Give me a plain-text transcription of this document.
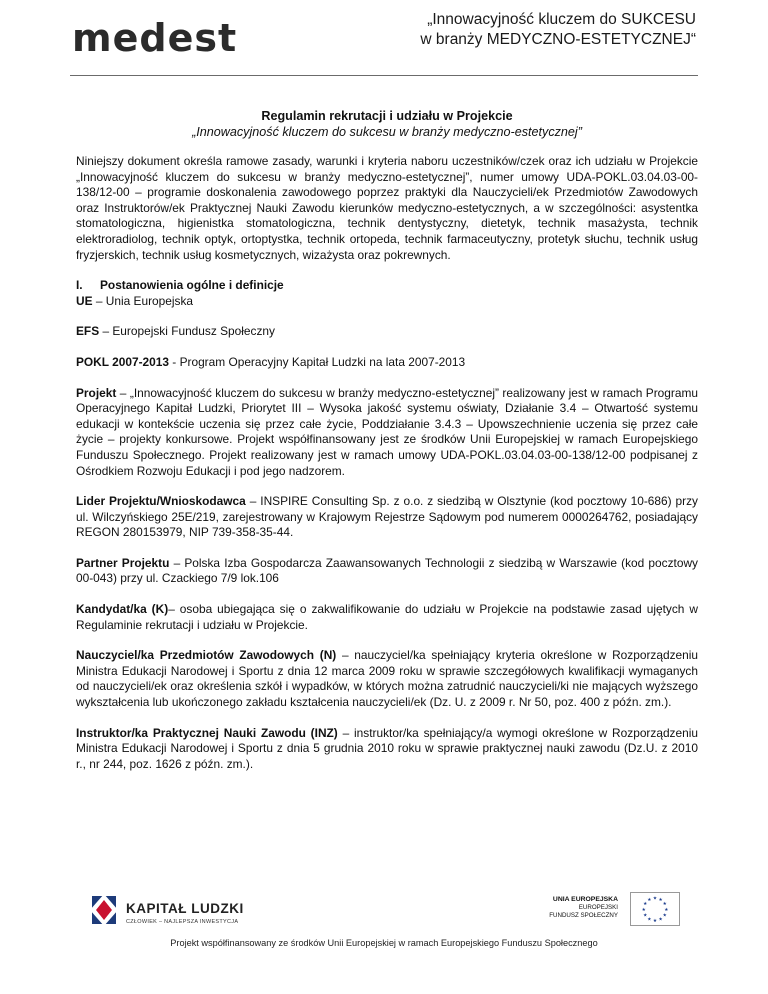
medest	„Innowacyjność kluczem do SUKCESU
w branży MEDYCZNO-ESTETYCZNEJ“

Regulamin rekrutacji i udziału w Projekcie

„Innowacyjność kluczem do sukcesu w branży medyczno-estetycznej”

Niniejszy dokument określa ramowe zasady, warunki i kryteria naboru uczestników/czek oraz ich udziału w Projekcie „Innowacyjność kluczem do sukcesu w branży medyczno-estetycznej”, numer umowy UDA-POKL.03.04.03-00-138/12-00 – programie doskonalenia zawodowego poprzez praktyki dla Nauczycieli/ek Przedmiotów Zawodowych oraz Instruktorów/ek Praktycznej Nauki Zawodu kierunków medyczno-estetycznych, a w szczególności: asystentka stomatologiczna, higienistka stomatologiczna, technik dentystyczny, dietetyk, technik masażysta, technik elektroradiolog, technik optyk, ortoptystka, technik ortopeda, technik farmaceutyczny, protetyk słuchu, technik usług fryzjerskich, technik usług kosmetycznych, wizażysta oraz pokrewnych.

I. Postanowienia ogólne i definicje

UE – Unia Europejska

EFS – Europejski Fundusz Społeczny

POKL 2007-2013 - Program Operacyjny Kapitał Ludzki na lata 2007-2013

Projekt – „Innowacyjność kluczem do sukcesu w branży medyczno-estetycznej” realizowany jest w ramach Programu Operacyjnego Kapitał Ludzki, Priorytet III – Wysoka jakość systemu oświaty, Działanie 3.4 – Otwartość systemu edukacji w kontekście uczenia się przez całe życie, Poddziałanie 3.4.3 – Upowszechnienie uczenia się przez całe życie – projekty konkursowe. Projekt współfinansowany jest ze środków Unii Europejskiej w ramach Europejskiego Funduszu Społecznego. Projekt realizowany jest w ramach umowy UDA-POKL.03.04.03-00-138/12-00 podpisanej z Ośrodkiem Rozwoju Edukacji i pod jego nadzorem.

Lider Projektu/Wnioskodawca – INSPIRE Consulting Sp. z o.o. z siedzibą w Olsztynie (kod pocztowy 10-686) przy ul. Wilczyńskiego 25E/219, zarejestrowany w Krajowym Rejestrze Sądowym pod numerem 0000264762, posiadający REGON 280153979, NIP 739-358-35-44.

Partner Projektu – Polska Izba Gospodarcza Zaawansowanych Technologii z siedzibą w Warszawie (kod pocztowy 00-043) przy ul. Czackiego 7/9 lok.106

Kandydat/ka (K)– osoba ubiegająca się o zakwalifikowanie do udziału w Projekcie na podstawie zasad ujętych w Regulaminie rekrutacji i udziału w Projekcie.

Nauczyciel/ka Przedmiotów Zawodowych (N) – nauczyciel/ka spełniający kryteria określone w Rozporządzeniu Ministra Edukacji Narodowej i Sportu z dnia 12 marca 2009 roku w sprawie szczegółowych kwalifikacji wymaganych od nauczycieli/ek oraz określenia szkół i wypadków, w których można zatrudnić nauczycieli/ki nie mających wyższego wykształcenia lub ukończonego zakładu kształcenia nauczycieli/ek (Dz. U. z 2009 r. Nr 50, poz. 400 z późn. zm.).

Instruktor/ka Praktycznej Nauki Zawodu (INZ) – instruktor/ka spełniający/a wymogi określone w Rozporządzeniu Ministra Edukacji Narodowej i Sportu z dnia 5 grudnia 2010 roku w sprawie praktycznej nauki zawodu (Dz.U. z 2010 r., nr 244, poz. 1626 z późn. zm.).

KAPITAŁ LUDZKI
CZŁOWIEK – NAJLEPSZA INWESTYCJA
UNIA EUROPEJSKA
EUROPEJSKI
FUNDUSZ SPOŁECZNY
★ ★
★
★
★
★
★
★
★
★
★
★
Projekt współfinansowany ze środków Unii Europejskiej w ramach Europejskiego Funduszu Społecznego
